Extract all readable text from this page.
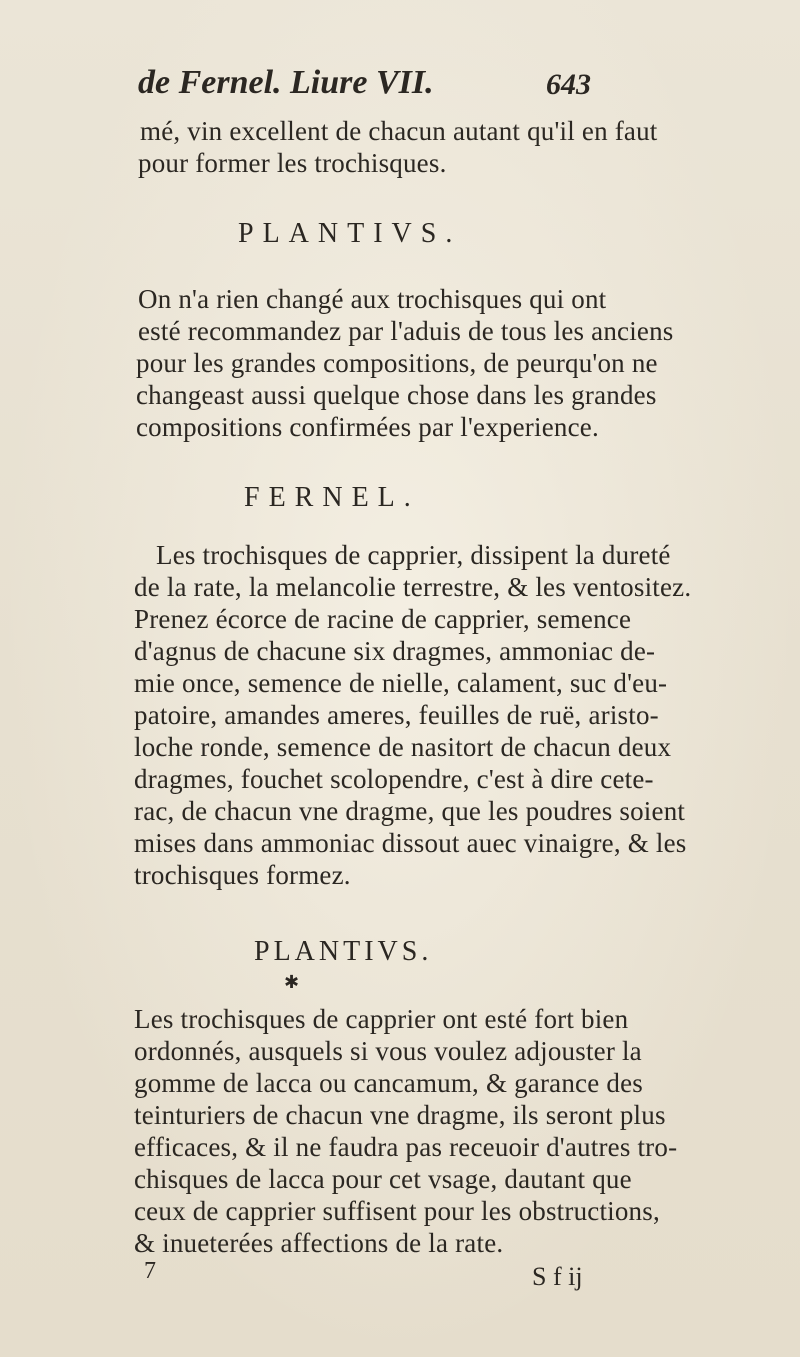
de Fernel. Liure VII.	643
mé, vin excellent de chacun autant qu'il en faut
pour former les trochisques.
PLANTIVS.
On n'a rien changé aux trochisques qui ont
esté recommandez par l'aduis de tous les anciens
pour les grandes compositions, de peurqu'on ne
changeast aussi quelque chose dans les grandes
compositions confirmées par l'experience.
FERNEL.
Les trochisques de capprier, dissipent la dureté
de la rate, la melancolie terrestre, & les ventositez.
Prenez écorce de racine de capprier, semence
d'agnus de chacune six dragmes, ammoniac de-
mie once, semence de nielle, calament, suc d'eu-
patoire, amandes ameres, feuilles de ruë, aristo-
loche ronde, semence de nasitort de chacun deux
dragmes, fouchet scolopendre, c'est à dire cete-
rac, de chacun vne dragme, que les poudres soient
mises dans ammoniac dissout auec vinaigre, & les
trochisques formez.
PLANTIVS.
✱
Les trochisques de capprier ont esté fort bien
ordonnés, ausquels si vous voulez adjouster la
gomme de lacca ou cancamum, & garance des
teinturiers de chacun vne dragme, ils seront plus
efficaces, & il ne faudra pas receuoir d'autres tro-
chisques de lacca pour cet vsage, dautant que
ceux de capprier suffisent pour les obstructions,
& inueterées affections de la rate.
7	S f ij
